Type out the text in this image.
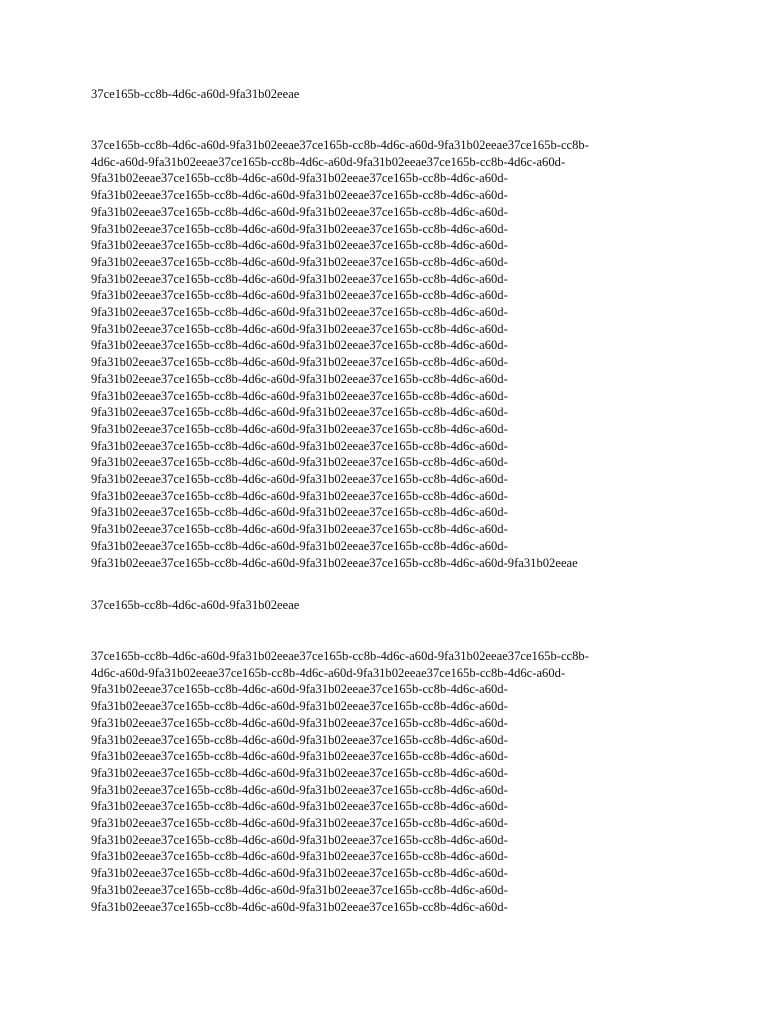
37ce165b-cc8b-4d6c-a60d-9fa31b02eeae

37ce165b-cc8b-4d6c-a60d-9fa31b02eeae37ce165b-cc8b-4d6c-a60d-9fa31b02eeae37ce165b-cc8b-
4d6c-a60d-9fa31b02eeae37ce165b-cc8b-4d6c-a60d-9fa31b02eeae37ce165b-cc8b-4d6c-a60d-
9fa31b02eeae37ce165b-cc8b-4d6c-a60d-9fa31b02eeae37ce165b-cc8b-4d6c-a60d-
9fa31b02eeae37ce165b-cc8b-4d6c-a60d-9fa31b02eeae37ce165b-cc8b-4d6c-a60d-
9fa31b02eeae37ce165b-cc8b-4d6c-a60d-9fa31b02eeae37ce165b-cc8b-4d6c-a60d-
9fa31b02eeae37ce165b-cc8b-4d6c-a60d-9fa31b02eeae37ce165b-cc8b-4d6c-a60d-
9fa31b02eeae37ce165b-cc8b-4d6c-a60d-9fa31b02eeae37ce165b-cc8b-4d6c-a60d-
9fa31b02eeae37ce165b-cc8b-4d6c-a60d-9fa31b02eeae37ce165b-cc8b-4d6c-a60d-
9fa31b02eeae37ce165b-cc8b-4d6c-a60d-9fa31b02eeae37ce165b-cc8b-4d6c-a60d-
9fa31b02eeae37ce165b-cc8b-4d6c-a60d-9fa31b02eeae37ce165b-cc8b-4d6c-a60d-
9fa31b02eeae37ce165b-cc8b-4d6c-a60d-9fa31b02eeae37ce165b-cc8b-4d6c-a60d-
9fa31b02eeae37ce165b-cc8b-4d6c-a60d-9fa31b02eeae37ce165b-cc8b-4d6c-a60d-
9fa31b02eeae37ce165b-cc8b-4d6c-a60d-9fa31b02eeae37ce165b-cc8b-4d6c-a60d-
9fa31b02eeae37ce165b-cc8b-4d6c-a60d-9fa31b02eeae37ce165b-cc8b-4d6c-a60d-
9fa31b02eeae37ce165b-cc8b-4d6c-a60d-9fa31b02eeae37ce165b-cc8b-4d6c-a60d-
9fa31b02eeae37ce165b-cc8b-4d6c-a60d-9fa31b02eeae37ce165b-cc8b-4d6c-a60d-
9fa31b02eeae37ce165b-cc8b-4d6c-a60d-9fa31b02eeae37ce165b-cc8b-4d6c-a60d-
9fa31b02eeae37ce165b-cc8b-4d6c-a60d-9fa31b02eeae37ce165b-cc8b-4d6c-a60d-
9fa31b02eeae37ce165b-cc8b-4d6c-a60d-9fa31b02eeae37ce165b-cc8b-4d6c-a60d-
9fa31b02eeae37ce165b-cc8b-4d6c-a60d-9fa31b02eeae37ce165b-cc8b-4d6c-a60d-
9fa31b02eeae37ce165b-cc8b-4d6c-a60d-9fa31b02eeae37ce165b-cc8b-4d6c-a60d-
9fa31b02eeae37ce165b-cc8b-4d6c-a60d-9fa31b02eeae37ce165b-cc8b-4d6c-a60d-
9fa31b02eeae37ce165b-cc8b-4d6c-a60d-9fa31b02eeae37ce165b-cc8b-4d6c-a60d-
9fa31b02eeae37ce165b-cc8b-4d6c-a60d-9fa31b02eeae37ce165b-cc8b-4d6c-a60d-
9fa31b02eeae37ce165b-cc8b-4d6c-a60d-9fa31b02eeae37ce165b-cc8b-4d6c-a60d-
9fa31b02eeae37ce165b-cc8b-4d6c-a60d-9fa31b02eeae37ce165b-cc8b-4d6c-a60d-9fa31b02eeae

37ce165b-cc8b-4d6c-a60d-9fa31b02eeae

37ce165b-cc8b-4d6c-a60d-9fa31b02eeae37ce165b-cc8b-4d6c-a60d-9fa31b02eeae37ce165b-cc8b-
4d6c-a60d-9fa31b02eeae37ce165b-cc8b-4d6c-a60d-9fa31b02eeae37ce165b-cc8b-4d6c-a60d-
9fa31b02eeae37ce165b-cc8b-4d6c-a60d-9fa31b02eeae37ce165b-cc8b-4d6c-a60d-
9fa31b02eeae37ce165b-cc8b-4d6c-a60d-9fa31b02eeae37ce165b-cc8b-4d6c-a60d-
9fa31b02eeae37ce165b-cc8b-4d6c-a60d-9fa31b02eeae37ce165b-cc8b-4d6c-a60d-
9fa31b02eeae37ce165b-cc8b-4d6c-a60d-9fa31b02eeae37ce165b-cc8b-4d6c-a60d-
9fa31b02eeae37ce165b-cc8b-4d6c-a60d-9fa31b02eeae37ce165b-cc8b-4d6c-a60d-
9fa31b02eeae37ce165b-cc8b-4d6c-a60d-9fa31b02eeae37ce165b-cc8b-4d6c-a60d-
9fa31b02eeae37ce165b-cc8b-4d6c-a60d-9fa31b02eeae37ce165b-cc8b-4d6c-a60d-
9fa31b02eeae37ce165b-cc8b-4d6c-a60d-9fa31b02eeae37ce165b-cc8b-4d6c-a60d-
9fa31b02eeae37ce165b-cc8b-4d6c-a60d-9fa31b02eeae37ce165b-cc8b-4d6c-a60d-
9fa31b02eeae37ce165b-cc8b-4d6c-a60d-9fa31b02eeae37ce165b-cc8b-4d6c-a60d-
9fa31b02eeae37ce165b-cc8b-4d6c-a60d-9fa31b02eeae37ce165b-cc8b-4d6c-a60d-
9fa31b02eeae37ce165b-cc8b-4d6c-a60d-9fa31b02eeae37ce165b-cc8b-4d6c-a60d-
9fa31b02eeae37ce165b-cc8b-4d6c-a60d-9fa31b02eeae37ce165b-cc8b-4d6c-a60d-
9fa31b02eeae37ce165b-cc8b-4d6c-a60d-9fa31b02eeae37ce165b-cc8b-4d6c-a60d-
